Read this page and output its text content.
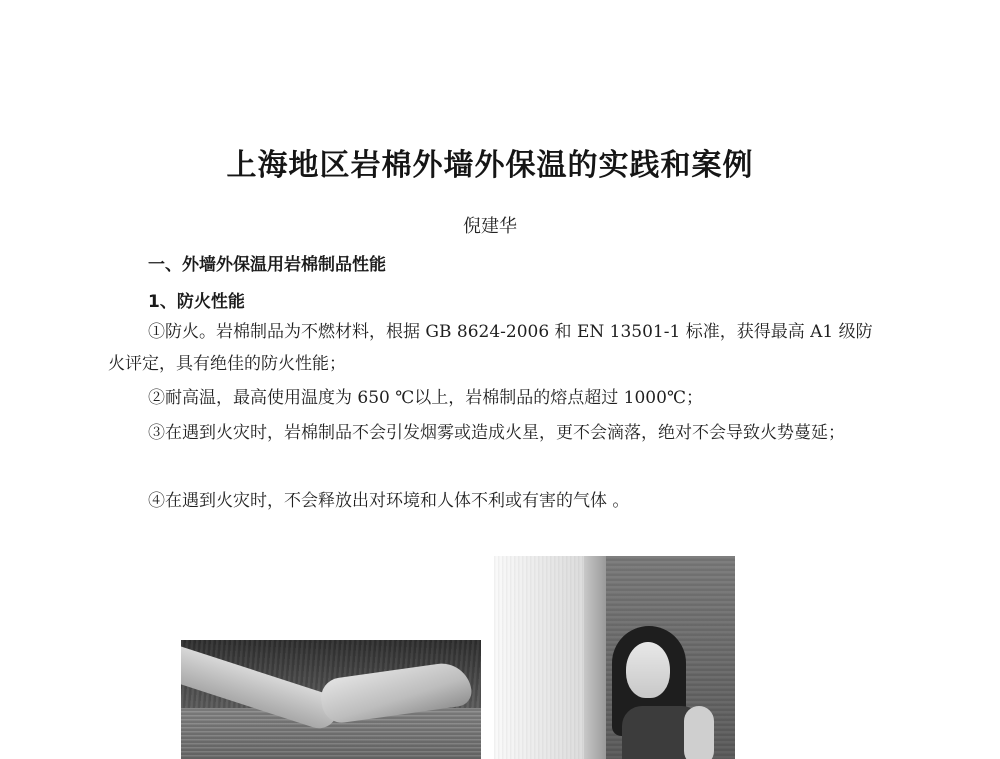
上海地区岩棉外墙外保温的实践和案例
倪建华
一、外墙外保温用岩棉制品性能
1、防火性能
①防火。岩棉制品为不燃材料，根据 GB 8624-2006 和 EN 13501-1 标准，获得最高 A1 级防火评定，具有绝佳的防火性能；
②耐高温，最高使用温度为 650 ℃以上，岩棉制品的熔点超过 1000℃；
③在遇到火灾时，岩棉制品不会引发烟雾或造成火星，更不会滴落，绝对不会导致火势蔓延；
④在遇到火灾时，不会释放出对环境和人体不利或有害的气体 。
